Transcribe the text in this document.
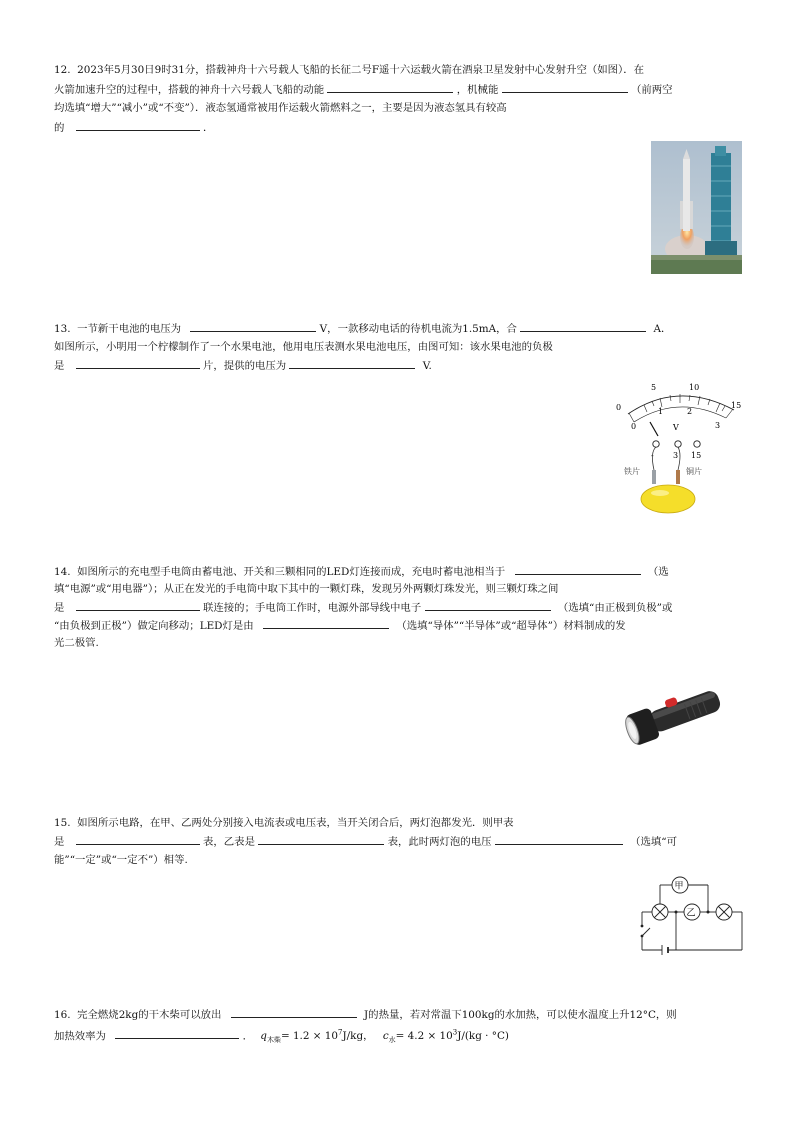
12.  2023年5月30日9时31分，搭载神舟十六号载人飞船的长征二号F遥十六运载火箭在酒泉卫星发射中心发射升空（如图）．在
火箭加速升空的过程中，搭载的神舟十六号载人飞船的动能	，机械能	（前两空
均选填“增大”“减小”或“不变”）．液态氢通常被用作运载火箭燃料之一，主要是因为液态氢具有较高
的	．
13.  一节新干电池的电压为	V，一款移动电话的待机电流为1.5mA，合	A．
如图所示，小明用一个柠檬制作了一个水果电池，他用电压表测水果电池电压，由图可知：该水果电池的负极
是	片，提供的电压为	V.
0
5	10
15
0
1	2
3
V
- 3 15
铁片	铜片
14.  如图所示的充电型手电筒由蓄电池、开关和三颗相同的LED灯连接而成，充电时蓄电池相当于	（选
填“电源”或“用电器”）；从正在发光的手电筒中取下其中的一颗灯珠，发现另外两颗灯珠发光，则三颗灯珠之间
是	联连接的；手电筒工作时，电源外部导线中电子	（选填“由正极到负极”或
“由负极到正极”）做定向移动；LED灯是由	（选填“导体”“半导体”或“超导体”）材料制成的发
光二极管.
15.  如图所示电路，在甲、乙两处分别接入电流表或电压表，当开关闭合后，两灯泡都发光．则甲表
是	表，乙表是	表，此时两灯泡的电压	（选填“可
能”“一定”或“一定不”）相等.
甲
乙
16.  完全燃烧2kg的干木柴可以放出	J的热量，若对常温下100kg的水加热，可以使水温度上升12°C，则
加热效率为	． $q_{木柴}= 1.2 \times 10^7J/kg$， $c_水= 4.2 \times 10^3J/(kg \cdot ^\circ C)$
